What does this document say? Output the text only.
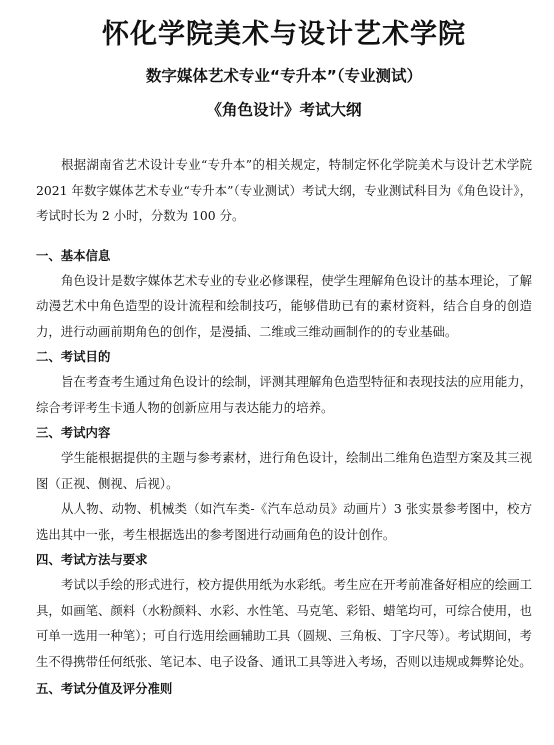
怀化学院美术与设计艺术学院
数字媒体艺术专业“专升本”（专业测试）
《角色设计》考试大纲

根据湖南省艺术设计专业“专升本”的相关规定，特制定怀化学院美术与设计艺术学院 2021 年数字媒体艺术专业“专升本”（专业测试）考试大纲，专业测试科目为《角色设计》，考试时长为 2 小时，分数为 100 分。

一、基本信息

角色设计是数字媒体艺术专业的专业必修课程，使学生理解角色设计的基本理论，了解动漫艺术中角色造型的设计流程和绘制技巧，能够借助已有的素材资料，结合自身的创造力，进行动画前期角色的创作，是漫插、二维或三维动画制作的的专业基础。

二、考试目的

旨在考查考生通过角色设计的绘制，评测其理解角色造型特征和表现技法的应用能力，综合考评考生卡通人物的创新应用与表达能力的培养。

三、考试内容

学生能根据提供的主题与参考素材，进行角色设计，绘制出二维角色造型方案及其三视图（正视、侧视、后视）。

从人物、动物、机械类（如汽车类-《汽车总动员》动画片）3 张实景参考图中，校方选出其中一张，考生根据选出的参考图进行动画角色的设计创作。

四、考试方法与要求

考试以手绘的形式进行，校方提供用纸为水彩纸。考生应在开考前准备好相应的绘画工具，如画笔、颜料（水粉颜料、水彩、水性笔、马克笔、彩铅、蜡笔均可，可综合使用，也可单一选用一种笔）；可自行选用绘画辅助工具（圆规、三角板、丁字尺等）。考试期间，考生不得携带任何纸张、笔记本、电子设备、通讯工具等进入考场，否则以违规或舞弊论处。

五、考试分值及评分准则
